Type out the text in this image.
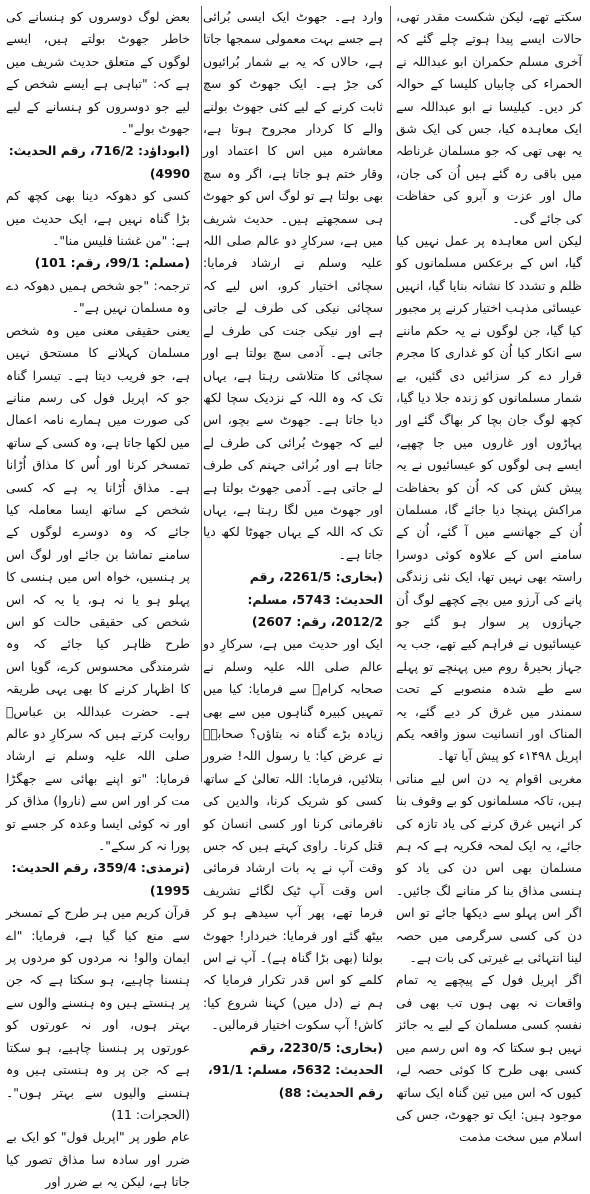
سکتے تھے، لیکن شکست مقدر تھی، حالات ایسے پیدا ہوتے چلے گئے کہ آخری مسلم حکمران ابو عبداللہ نے الحمراء کی چابیاں کلیسا کے حوالہ کر دیں۔ کیلیسا نے ابو عبداللہ سے ایک معاہدہ کیا، جس کی ایک شق یہ بھی تھی کہ جو مسلمان غرناطہ میں باقی رہ گئے ہیں اُن کی جان، مال اور عزت و آبرو کی حفاظت کی جائے گی۔

لیکن اس معاہدہ پر عمل نہیں کیا گیا، اس کے برعکس مسلمانوں کو ظلم و تشدد کا نشانہ بنایا گیا، انہیں عیسائی مذہب اختیار کرنے پر مجبور کیا گیا، جن لوگوں نے یہ حکم ماننے سے انکار کیا اُن کو غداری کا مجرم قرار دے کر سزائیں دی گئیں، بے شمار مسلمانوں کو زندہ جلا دیا گیا، کچھ لوگ جان بچا کر بھاگ گئے اور پہاڑوں اور غاروں میں جا چھپے، ایسے ہی لوگوں کو عیسائیوں نے یہ پیش کش کی کہ اُن کو بحفاظت مراکش پہنچا دیا جائے گا، مسلمان اُن کے جھانسے میں آ گئے، اُن کے سامنے اس کے علاوہ کوئی دوسرا راستہ بھی نہیں تھا، ایک نئی زندگی پانے کی آرزو میں بچے کچھے لوگ اُن جہازوں پر سوار ہو گئے جو عیسائیوں نے فراہم کیے تھے، جب یہ جہاز بحیرۂ روم میں پہنچے تو پہلے سے طے شدہ منصوبے کے تحت سمندر میں غرق کر دیے گئے، یہ المناک اور انسانیت سوز واقعہ یکم اپریل ۱۴۹۸ء کو پیش آیا تھا۔

مغربی اقوام یہ دن اس لیے مناتی ہیں، تاکہ مسلمانوں کو بے وقوف بنا کر انہیں غرق کرنے کی یاد تازہ کی جائے، یہ ایک لمحہ فکریہ ہے کہ ہم مسلمان بھی اس دن کی یاد کو ہنسی مذاق بنا کر منانے لگ جائیں۔ اگر اس پہلو سے دیکھا جائے تو اس دن کی کسی سرگرمی میں حصہ لینا انتہائی بے غیرتی کی بات ہے۔

اگر اپریل فول کے پیچھے یہ تمام واقعات نہ بھی ہوں تب بھی فی نفسہٖ کسی مسلمان کے لیے یہ جائز نہیں ہو سکتا کہ وہ اس رسم میں کسی بھی طرح کا کوئی حصہ لے، کیوں کہ اس میں تین گناہ ایک ساتھ موجود ہیں: ایک تو جھوٹ، جس کی اسلام میں سخت مذمت

وارد ہے۔ جھوٹ ایک ایسی بُرائی ہے جسے بہت معمولی سمجھا جاتا ہے، حالاں کہ یہ بے شمار بُرائیوں کی جڑ ہے۔ ایک جھوٹ کو سچ ثابت کرنے کے لیے کئی جھوٹ بولنے والے کا کردار مجروح ہوتا ہے، معاشرہ میں اس کا اعتماد اور وقار ختم ہو جاتا ہے، اگر وہ سچ بھی بولتا ہے تو لوگ اس کو جھوٹ ہی سمجھتے ہیں۔ حدیث شریف میں ہے، سرکارِ دو عالم صلی اللہ علیہ وسلم نے ارشاد فرمایا: سچائی اختیار کرو، اس لیے کہ سچائی نیکی کی طرف لے جاتی ہے اور نیکی جنت کی طرف لے جاتی ہے۔ آدمی سچ بولتا ہے اور سچائی کا متلاشی رہتا ہے، یہاں تک کہ وہ اللہ کے نزدیک سچا لکھ دیا جاتا ہے۔ جھوٹ سے بچو، اس لیے کہ جھوٹ بُرائی کی طرف لے جاتا ہے اور بُرائی جہنم کی طرف لے جاتی ہے۔ آدمی جھوٹ بولتا ہے اور جھوٹ میں لگا رہتا ہے، یہاں تک کہ اللہ کے یہاں جھوٹا لکھ دیا جاتا ہے۔

(بخاری: 2261/5، رقم الحدیث: 5743، مسلم: 2012/2، رقم: 2607)

ایک اور حدیث میں ہے، سرکارِ دو عالم صلی اللہ علیہ وسلم نے صحابہ کرامؓ سے فرمایا: کیا میں تمہیں کبیرہ گناہوں میں سے بھی زیادہ بڑے گناہ نہ بتاؤں؟ صحابہؓ نے عرض کیا: یا رسول اللہ! ضرور بتلائیں، فرمایا: اللہ تعالیٰ کے ساتھ کسی کو شریک کرنا، والدین کی نافرمانی کرنا اور کسی انسان کو قتل کرنا۔ راوی کہتے ہیں کہ جس وقت آپ نے یہ بات ارشاد فرمائی اس وقت آپ ٹیک لگائے تشریف فرما تھے، پھر آپ سیدھے ہو کر بیٹھ گئے اور فرمایا: خبردار! جھوٹ بولنا (بھی بڑا گناہ ہے)۔ آپ نے اس کلمے کو اس قدر تکرار فرمایا کہ ہم نے (دل میں) کہنا شروع کیا: کاش! آپ سکوت اختیار فرمالیں۔

(بخاری: 2230/5، رقم الحدیث: 5632، مسلم: 91/1، رقم الحدیث: 88)

بعض لوگ دوسروں کو ہنسانے کی خاطر جھوٹ بولتے ہیں، ایسے لوگوں کے متعلق حدیث شریف میں ہے کہ: "تباہی ہے ایسے شخص کے لیے جو دوسروں کو ہنسانے کے لیے جھوٹ بولے"۔

(ابوداؤد: 716/2، رقم الحدیث: 4990)

کسی کو دھوکہ دینا بھی کچھ کم بڑا گناہ نہیں ہے، ایک حدیث میں ہے: "من غشنا فلیس منا"۔

(مسلم: 99/1، رقم: 101)

ترجمہ: "جو شخص ہمیں دھوکہ دے وہ مسلمان نہیں ہے"۔

یعنی حقیقی معنی میں وہ شخص مسلمان کہلانے کا مستحق نہیں ہے، جو فریب دیتا ہے۔ تیسرا گناہ جو کہ اپریل فول کی رسم منانے کی صورت میں ہمارے نامہ اعمال میں لکھا جاتا ہے، وہ کسی کے ساتھ تمسخر کرنا اور اُس کا مذاق اُڑانا ہے۔ مذاق اُڑانا یہ ہے کہ کسی شخص کے ساتھ ایسا معاملہ کیا جائے کہ وہ دوسرے لوگوں کے سامنے تماشا بن جائے اور لوگ اس پر ہنسیں، خواہ اس میں ہنسی کا پہلو ہو یا نہ ہو، یا یہ کہ اس شخص کی حقیقی حالت کو اس طرح ظاہر کیا جائے کہ وہ شرمندگی محسوس کرے، گویا اس کا اظہار کرنے کا بھی یہی طریقہ ہے۔ حضرت عبداللہ بن عباسؓ روایت کرتے ہیں کہ سرکارِ دو عالم صلی اللہ علیہ وسلم نے ارشاد فرمایا: "تو اپنے بھائی سے جھگڑا مت کر اور اس سے (ناروا) مذاق کر اور نہ کوئی ایسا وعدہ کر جسے تو پورا نہ کر سکے"۔

(ترمذی: 359/4، رقم الحدیث: 1995)

قرآن کریم میں ہر طرح کے تمسخر سے منع کیا گیا ہے، فرمایا: "اے ایمان والو! نہ مردوں کو مردوں پر ہنسنا چاہیے، ہو سکتا ہے کہ جن پر ہنستے ہیں وہ ہنسنے والوں سے بہتر ہوں، اور نہ عورتوں کو عورتوں پر ہنسنا چاہیے، ہو سکتا ہے کہ جن پر وہ ہنستی ہیں وہ ہنسنے والیوں سے بہتر ہوں"۔ (الحجرات: 11)

عام طور پر "اپریل فول" کو ایک بے ضرر اور سادہ سا مذاق تصور کیا جاتا ہے، لیکن یہ بے ضرر اور
